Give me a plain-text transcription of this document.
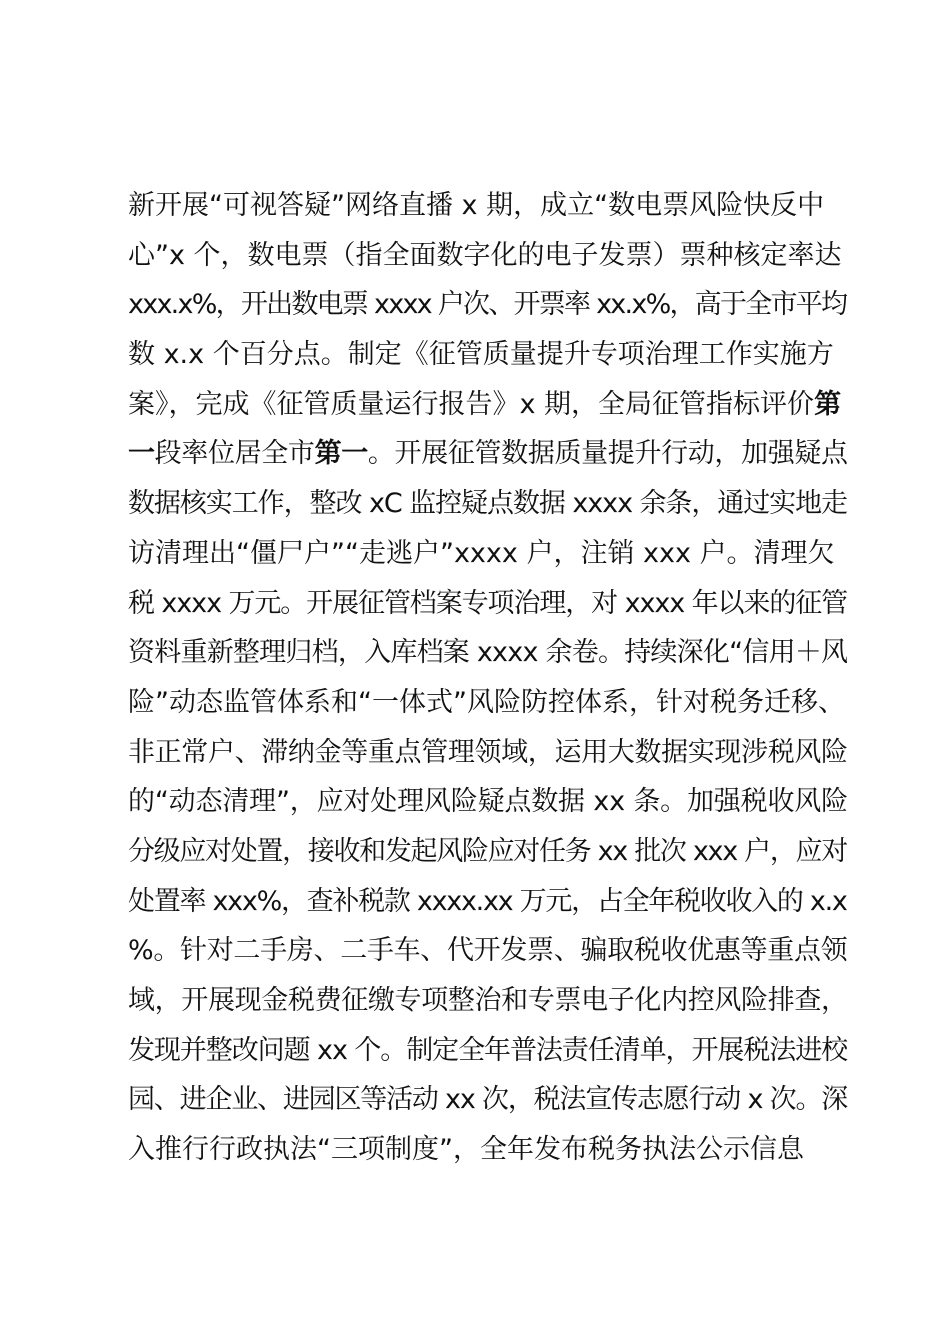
新开展“可视答疑”网络直播 x 期，成立“数电票风险快反中
心”x 个，数电票（指全面数字化的电子发票）票种核定率达
xxx.x%，开出数电票 xxxx 户次、开票率 xx.x%，高于全市平均
数 x.x 个百分点。制定《征管质量提升专项治理工作实施方
案》，完成《征管质量运行报告》x 期，全局征管指标评价第
一段率位居全市第一。开展征管数据质量提升行动，加强疑点
数据核实工作，整改 xC 监控疑点数据 xxxx 余条，通过实地走
访清理出“僵尸户”“走逃户”xxxx 户，注销 xxx 户。清理欠
税 xxxx 万元。开展征管档案专项治理，对 xxxx 年以来的征管
资料重新整理归档，入库档案 xxxx 余卷。持续深化“信用＋风
险”动态监管体系和“一体式”风险防控体系，针对税务迁移、
非正常户、滞纳金等重点管理领域，运用大数据实现涉税风险
的“动态清理”，应对处理风险疑点数据 xx 条。加强税收风险
分级应对处置，接收和发起风险应对任务 xx 批次 xxx 户，应对
处置率 xxx%，查补税款 xxxx.xx 万元，占全年税收收入的 x.x
%。针对二手房、二手车、代开发票、骗取税收优惠等重点领
域，开展现金税费征缴专项整治和专票电子化内控风险排查，
发现并整改问题 xx 个。制定全年普法责任清单，开展税法进校
园、进企业、进园区等活动 xx 次，税法宣传志愿行动 x 次。深
入推行行政执法“三项制度”，全年发布税务执法公示信息
